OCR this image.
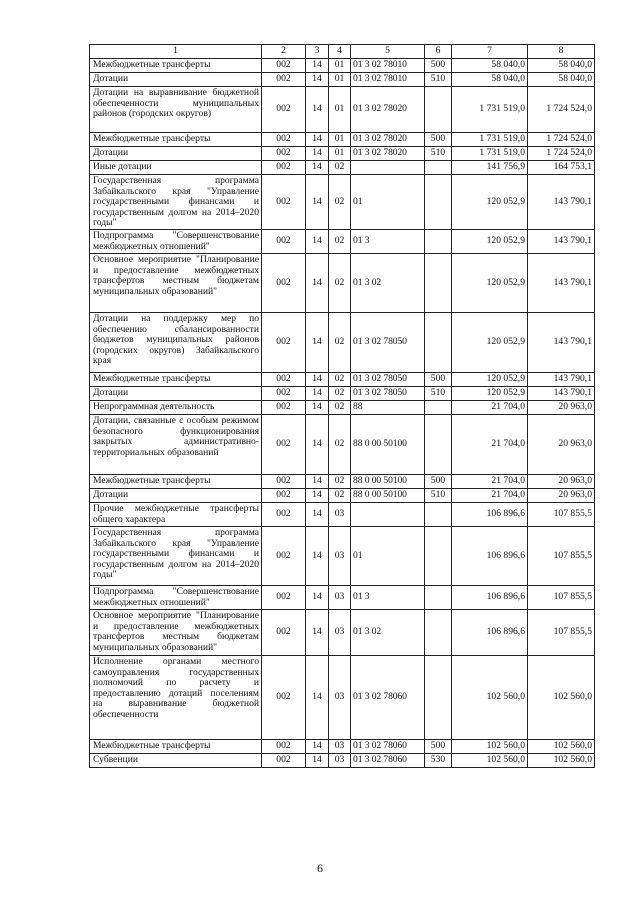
1	2	3	4	5	6	7	8
Межбюджетные трансферты	002	14	01	01 3 02 78010	500	58 040,0	58 040,0
Дотации	002	14	01	01 3 02 78010	510	58 040,0	58 040,0
Дотации на выравнивание бюджетной обеспеченности муниципальных районов (городских округов)	002	14	01	01 3 02 78020		1 731 519,0	1 724 524,0
Межбюджетные трансферты	002	14	01	01 3 02 78020	500	1 731 519,0	1 724 524,0
Дотации	002	14	01	01 3 02 78020	510	1 731 519,0	1 724 524,0
Иные дотации	002	14	02			141 756,9	164 753,1
Государственная программа Забайкальского края "Управление государственными финансами и государственным долгом на 2014–2020 годы"	002	14	02	01		120 052,9	143 790,1
Подпрограмма "Совершенствование межбюджетных отношений"	002	14	02	01 3		120 052,9	143 790,1
Основное мероприятие "Планирование и предоставление межбюджетных трансфертов местным бюджетам муниципальных образований"	002	14	02	01 3 02		120 052,9	143 790,1
Дотации на поддержку мер по обеспечению сбалансированности бюджетов муниципальных районов (городских округов) Забайкальского края	002	14	02	01 3 02 78050		120 052,9	143 790,1
Межбюджетные трансферты	002	14	02	01 3 02 78050	500	120 052,9	143 790,1
Дотации	002	14	02	01 3 02 78050	510	120 052,9	143 790,1
Непрограммная деятельность	002	14	02	88		21 704,0	20 963,0
Дотации, связанные с особым режимом безопасного функционирования закрытых административно-территориальных образований	002	14	02	88 0 00 50100		21 704,0	20 963,0
Межбюджетные трансферты	002	14	02	88 0 00 50100	500	21 704,0	20 963,0
Дотации	002	14	02	88 0 00 50100	510	21 704,0	20 963,0
Прочие межбюджетные трансферты общего характера	002	14	03			106 896,6	107 855,5
Государственная программа Забайкальского края "Управление государственными финансами и государственным долгом на 2014–2020 годы"	002	14	03	01		106 896,6	107 855,5
Подпрограмма "Совершенствование межбюджетных отношений"	002	14	03	01 3		106 896,6	107 855,5
Основное мероприятие "Планирование и предоставление межбюджетных трансфертов местным бюджетам муниципальных образований"	002	14	03	01 3 02		106 896,6	107 855,5
Исполнение органами местного самоуправления государственных полномочий по расчету и предоставлению дотаций поселениям на выравнивание бюджетной обеспеченности	002	14	03	01 3 02 78060		102 560,0	102 560,0
Межбюджетные трансферты	002	14	03	01 3 02 78060	500	102 560,0	102 560,0
Субвенции	002	14	03	01 3 02 78060	530	102 560,0	102 560,0
6
